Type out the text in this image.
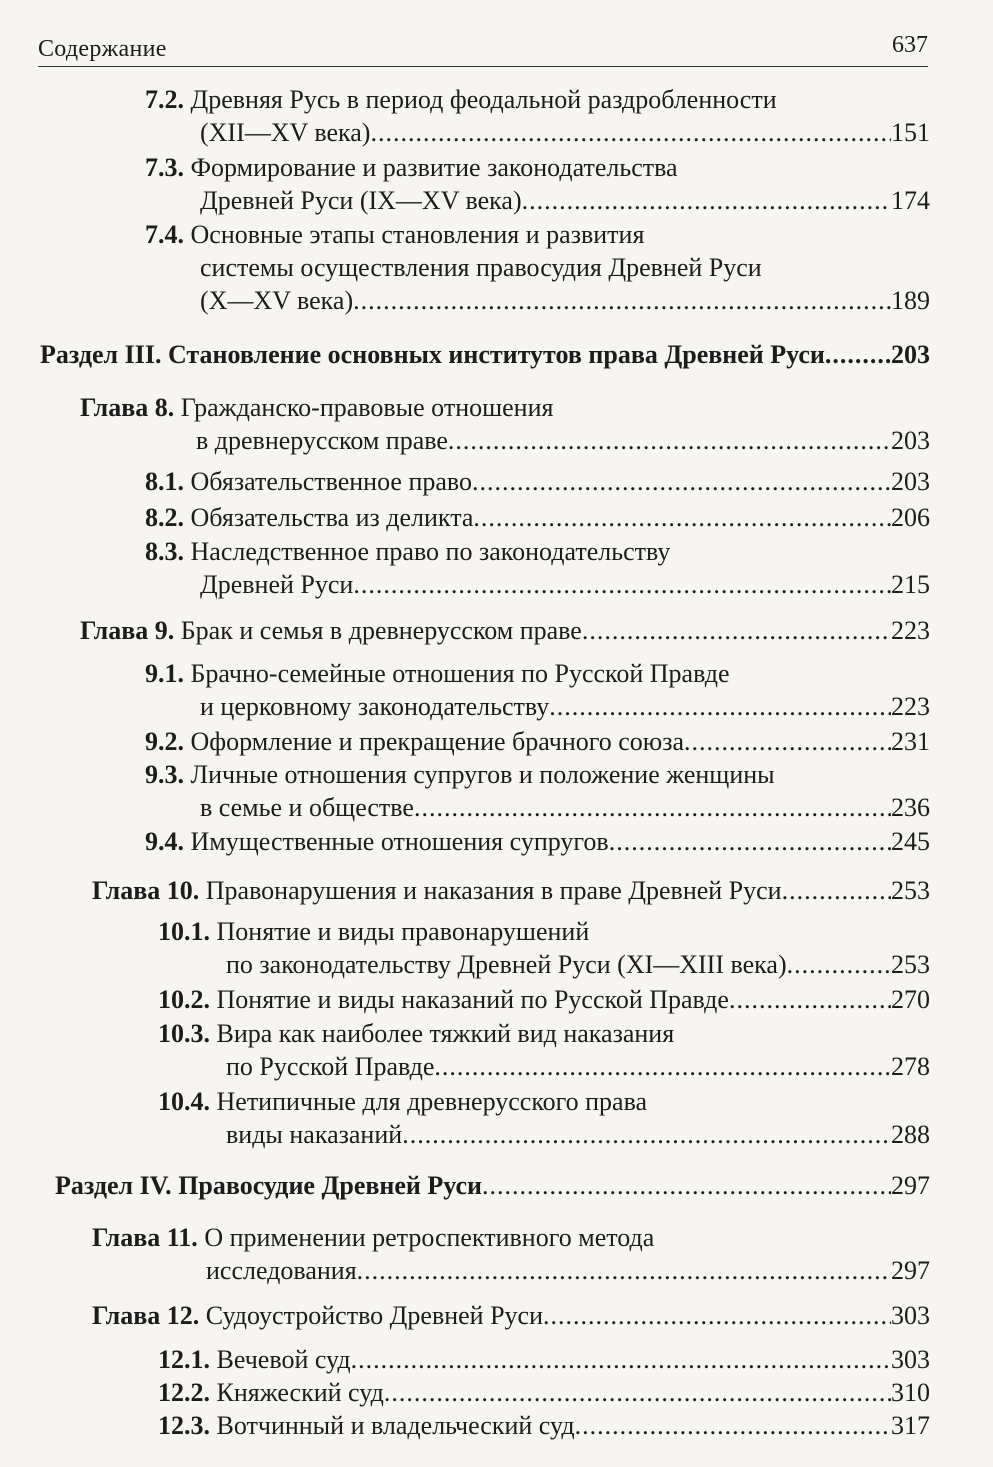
Содержание	637
7.2. Древняя Русь в период феодальной раздробленности
(XII—XV века) .....	151
7.3. Формирование и развитие законодательства
Древней Руси (IX—XV века) .....	174
7.4. Основные этапы становления и развития
системы осуществления правосудия Древней Руси
(X—XV века) .....	189
Раздел III. Становление основных институтов права Древней Руси .....	203
Глава 8. Гражданско-правовые отношения
в древнерусском праве .....	203
8.1. Обязательственное право .....	203
8.2. Обязательства из деликта .....	206
8.3. Наследственное право по законодательству
Древней Руси .....	215
Глава 9. Брак и семья в древнерусском праве .....	223
9.1. Брачно-семейные отношения по Русской Правде
и церковному законодательству .....	223
9.2. Оформление и прекращение брачного союза .....	231
9.3. Личные отношения супругов и положение женщины
в семье и обществе .....	236
9.4. Имущественные отношения супругов .....	245
Глава 10. Правонарушения и наказания в праве Древней Руси .....	253
10.1. Понятие и виды правонарушений
по законодательству Древней Руси (XI—XIII века) .....	253
10.2. Понятие и виды наказаний по Русской Правде .....	270
10.3. Вира как наиболее тяжкий вид наказания
по Русской Правде .....	278
10.4. Нетипичные для древнерусского права
виды наказаний .....	288
Раздел IV. Правосудие Древней Руси .....	297
Глава 11. О применении ретроспективного метода
исследования .....	297
Глава 12. Судоустройство Древней Руси .....	303
12.1. Вечевой суд .....	303
12.2. Княжеский суд .....	310
12.3. Вотчинный и владельческий суд .....	317
